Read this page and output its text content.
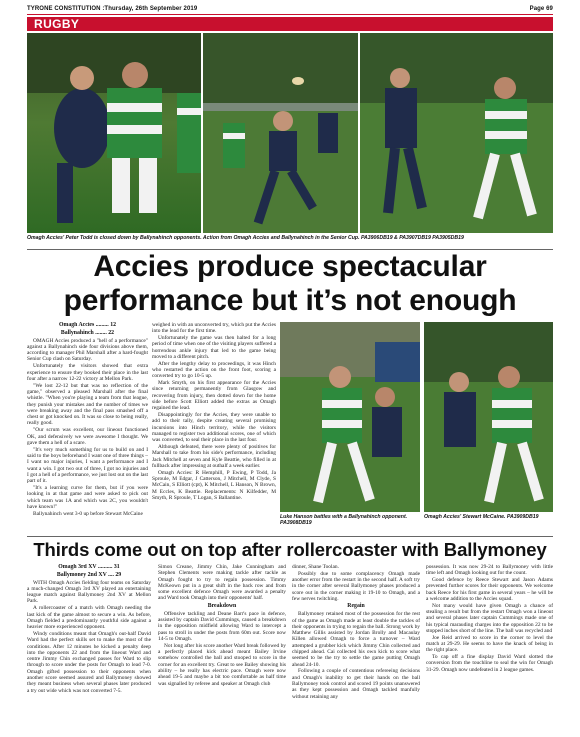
TYRONE CONSTITUTION :Thursday, 26th September 2019	Page 69
RUGBY
Omagh Accies' Peter Todd is closed down by Ballynahinch opponents. Action from Omagh Accies and Ballynahinch in the Senior Cup. PA3906DB19 & PA3907DB19 PA3905DB19
Accies produce spectacular performance but it’s not enough
Omagh Accies ......... 12
Ballynahinch ........ 22

OMAGH Accies produced a "hell of a performance" against a Ballynahinch side four divisions above them, according to manager Phil Marshall after a hard-fought Senior Cup clash on Saturday.

Unfortunately the visitors showed that extra experience to ensure they booked their place in the last four after a narrow 12-22 victory at Mellon Park.

"We lost 22-12 but that was no reflection of the game," observed a pleased Marshall after the final whistle. "When you're playing a team from that league, they punish your mistakes and the number of times we were breaking away and the final pass smashed off a chest or got knocked on. It was so close to being really, really good.

"Our scrum was excellent, our lineout functioned OK, and defensively we were awesome I thought. We gave them a hell of a scare.

"It's very much something for us to build on and I said to the boys beforehand I want one of three things – I want no major injuries, I want a performance and I want a win. I got two out of three, I got no injuries and I got a hell of a performance, we just lost out on the last part of it.

"It's a learning curve for them, but if you were looking in at that game and were asked to pick out which team was 1A and which was 2C, you wouldn't have known!"

Ballynahinch went 3-0 up before Stewart McCaine

weighed in with an unconverted try, which put the Accies into the lead for the first time.

Unfortunately the game was then halted for a long period of time when one of the visiting players suffered a horrendous ankle injury that led to the game being moved to a different pitch.

After the lengthy delay to proceedings, it was Hinch who restarted the action on the front foot, scoring a converted try to go 10-5 up.

Mark Smyth, on his first appearance for the Accies since returning permanently from Glasgow and recovering from injury, then dotted down for the home side before Scott Elliott added the extras as Omagh regained the lead.

Disappointingly for the Accies, they were unable to add to their tally, despite creating several promising incursions into Hinch territory, while the visitors managed to register two additional scores, one of which was converted, to seal their place in the last four.

Although defeated, there were plenty of positives for Marshall to take from his side's performance, including Jack Mitchell at seven and Kyle Beattie, who filled in at fullback after impressing at outhalf a week earlier.

Omagh Accies: R Hemphill, P Ewing, P Todd, Ja Sproule, M Edgar, J Catterson, J Mitchell, M Clyde, S McCain, S Elliott (cpt), K Mitchell, L Hanson, N Brown, M Eccles, K Beattie. Replacements: N Kilfedder, M Smyth, R Sproule, T Logan, S Ballantine.

Luke Hanson battles with a Ballynahinch opponent. PA3908DB19
Omagh Accies' Stewart McCaine. PA3909DB19
Thirds come out on top after rollercoaster with Ballymoney
Omagh 3rd XV .......... 31
Ballymoney 2nd XV .... 29

WITH Omagh Accies fielding four teams on Saturday a much-changed Omagh 3rd XV played an entertaining league match against Ballymoney 2nd XV at Mellon Park.

A rollercoaster of a match with Omagh needing the last kick of the game almost to secure a win. As before, Omagh fielded a predominantly youthful side against a heavier more experienced opponent.

Windy conditions meant that Omagh's out-half David Ward had the perfect skills set to make the most of the conditions. After 12 minutes he kicked a penalty deep into the opponents 22 and from the lineout Ward and centre Jimmy Chin exchanged passes for Ward to slip through to score under the posts for Omagh to lead 7-0. Omagh gifted possession to their opponents when another score seemed assured and Ballymoney showed they meant business when several phases later produced a try out wide which was not converted 7-5.

Simon Creane, Jimmy Chin, Jake Cunningham and Stephen Clements were making tackle after tackle as Omagh fought to try to regain possession. Timmy McKeown put in a great shift in the back row and from some excellent defence Omagh were awarded a penalty and Ward took Omagh into their opponents' half.

Breakdown

Offensive tackling and Deane Barr's pace in defence, assisted by captain David Cummings, caused a breakdown in the opposition midfield allowing Ward to intercept a pass to stroll in under the posts from 60m out. Score now 14-5 to Omagh.

Not long after his score another Ward break followed by a perfectly placed kick ahead meant Bailey Irvine somehow controlled the ball and stooped to score in the corner for an excellent try. Great to see Bailey showing his ability – he really has electric pace. Omagh were now ahead 19-5 and maybe a bit too comfortable as half time was signalled by referee and speaker at Omagh club

dinner, Shane Toolan.

Possibly due to some complacency Omagh made another error from the restart in the second half. A soft try in the corner after several Ballymoney phases produced a score out in the corner making it 19-10 to Omagh, and a few nerves twitching.

Regain

Ballymoney retained most of the possession for the rest of the game as Omagh made at least double the tackles of their opponents in trying to regain the ball. Strong work by Matthew Gillis assisted by Jordan Brolly and Macaulay Killen allowed Omagh to force a turnover – Ward attempted a grubber kick which Jimmy Chin collected and chipped ahead. Cai collected his own kick to score what seemed to be the try to settle the game putting Omagh ahead 24-10.

Following a couple of contentious refereeing decisions and Omagh's inability to get their hands on the ball Ballymoney took control and scored 19 points unanswered as they kept possession and Omagh tackled manfully without retaining any

possession. It was now 29-24 to Ballymoney with little time left and Omagh looking out for the count.

Good defence by Reece Stewart and Jason Adams prevented further scores for their opponents. We welcome back Reece for his first game in several years – he will be a welcome addition to the Accies squad.

Not many would have given Omagh a chance of stealing a result but from the restart Omagh won a lineout and several phases later captain Cummings made one of his typical marauding charges into the opposition 22 to be stopped inches short of the line. The ball was recycled and

Joe Reid arrived to score in the corner to level the match at 29-29. He seems to have the knack of being in the right place.

To cap off a fine display David Ward slotted the conversion from the touchline to seal the win for Omagh 31-29. Omagh now undefeated in 2 league games.
